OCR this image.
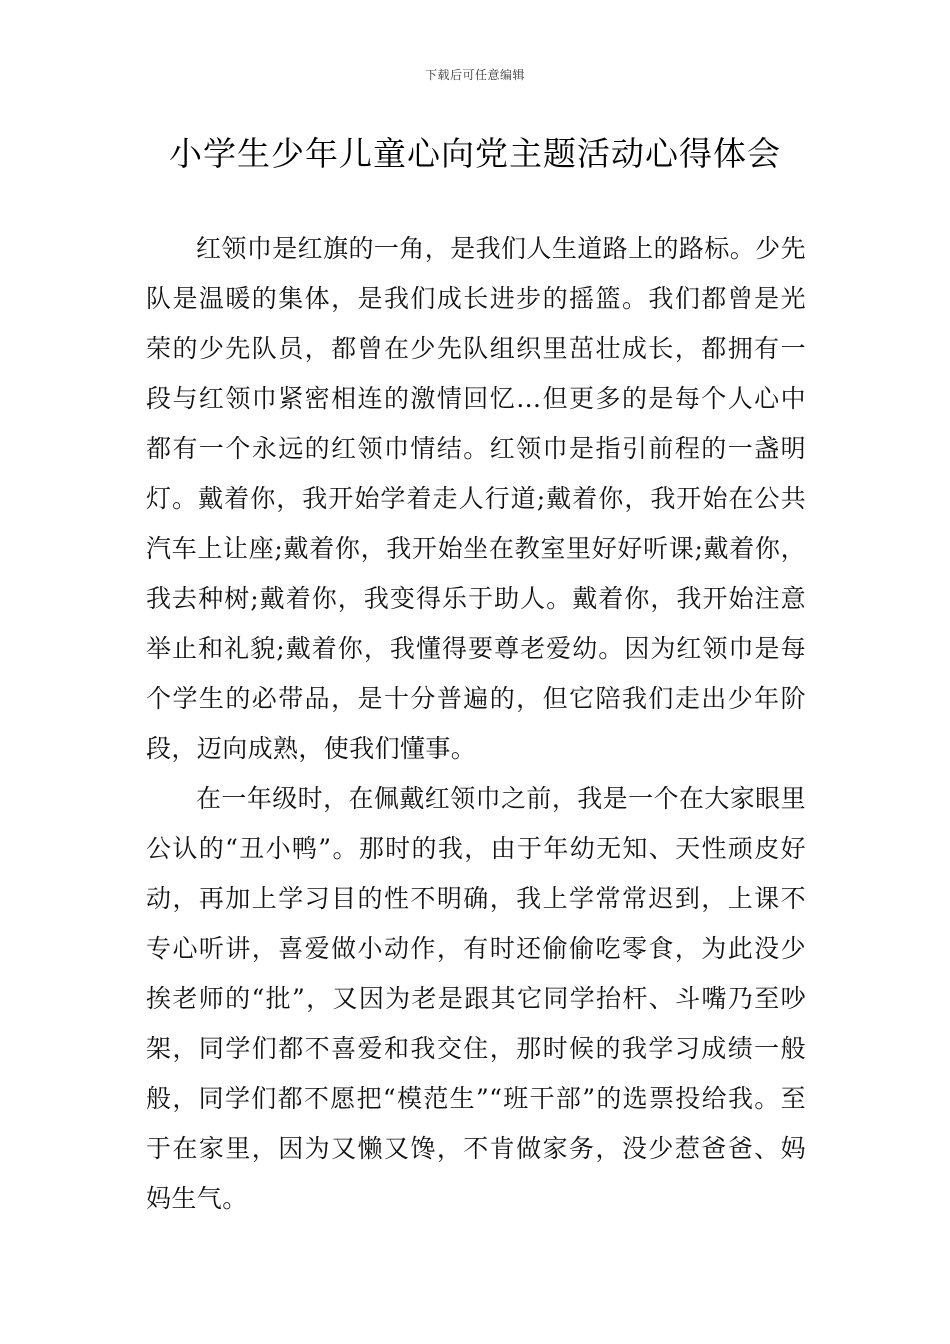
下载后可任意编辑
小学生少年儿童心向党主题活动心得体会

红领巾是红旗的一角，是我们人生道路上的路标。少先队是温暖的集体，是我们成长进步的摇篮。我们都曾是光荣的少先队员，都曾在少先队组织里茁壮成长，都拥有一段与红领巾紧密相连的激情回忆…但更多的是每个人心中都有一个永远的红领巾情结。红领巾是指引前程的一盏明灯。戴着你，我开始学着走人行道;戴着你，我开始在公共汽车上让座;戴着你，我开始坐在教室里好好听课;戴着你，我去种树;戴着你，我变得乐于助人。戴着你，我开始注意举止和礼貌;戴着你，我懂得要尊老爱幼。因为红领巾是每个学生的必带品，是十分普遍的，但它陪我们走出少年阶段，迈向成熟，使我们懂事。

在一年级时，在佩戴红领巾之前，我是一个在大家眼里公认的“丑小鸭”。那时的我，由于年幼无知、天性顽皮好动，再加上学习目的性不明确，我上学常常迟到，上课不专心听讲，喜爱做小动作，有时还偷偷吃零食，为此没少挨老师的“批”，又因为老是跟其它同学抬杆、斗嘴乃至吵架，同学们都不喜爱和我交住，那时候的我学习成绩一般般，同学们都不愿把“模范生”“班干部”的选票投给我。至于在家里，因为又懒又馋，不肯做家务，没少惹爸爸、妈妈生气。
